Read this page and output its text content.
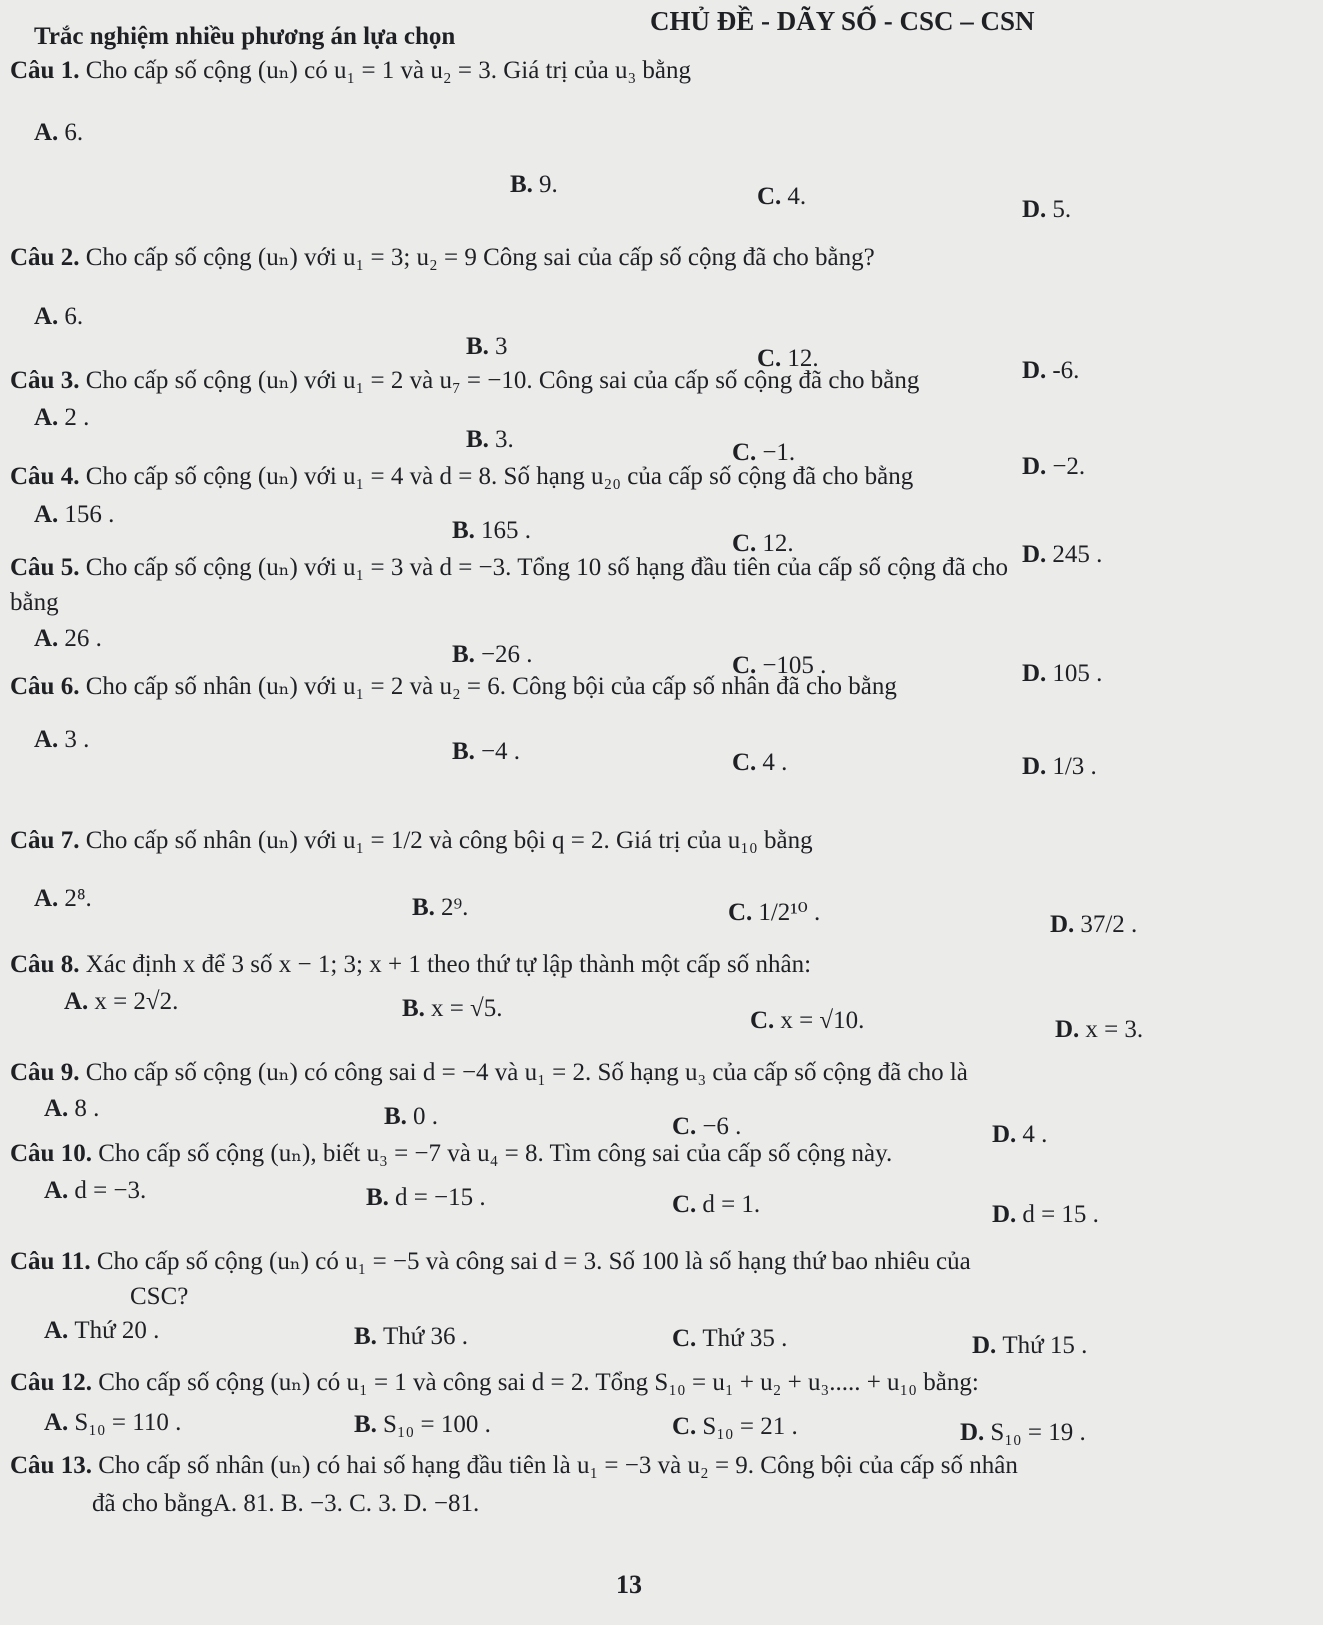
CHỦ ĐỀ - DÃY SỐ - CSC – CSN
Trắc nghiệm nhiều phương án lựa chọn
Câu 1. Cho cấp số cộng (uₙ) có u₁ = 1 và u₂ = 3. Giá trị của u₃ bằng
A. 6.
B. 9.	C. 4.	D. 5.
Câu 2. Cho cấp số cộng (uₙ) với u₁ = 3; u₂ = 9 Công sai của cấp số cộng đã cho bằng?
A. 6.
B. 3	C. 12.	D. -6.
Câu 3. Cho cấp số cộng (uₙ) với u₁ = 2 và u₇ = −10. Công sai của cấp số cộng đã cho bằng
A. 2 .
B. 3.	C. −1.
D. −2.
Câu 4. Cho cấp số cộng (uₙ) với u₁ = 4 và d = 8. Số hạng u₂₀ của cấp số cộng đã cho bằng
A. 156 .
B. 165 .	C. 12.	D. 245 .
Câu 5. Cho cấp số cộng (uₙ) với u₁ = 3 và d = −3. Tổng 10 số hạng đầu tiên của cấp số cộng đã cho
bằng
A. 26 .
B. −26 .	C. −105 .	D. 105 .
Câu 6. Cho cấp số nhân (uₙ) với u₁ = 2 và u₂ = 6. Công bội của cấp số nhân đã cho bằng
A. 3 .	B. −4 .	C. 4 .	D. 1/3 .
Câu 7. Cho cấp số nhân (uₙ) với u₁ = 1/2 và công bội q = 2. Giá trị của u₁₀ bằng
A. 2⁸.	B. 2⁹.	C. 1/2¹⁰ .	D. 37/2 .
Câu 8. Xác định x để 3 số x − 1; 3; x + 1 theo thứ tự lập thành một cấp số nhân:
A. x = 2√2.	B. x = √5.	C. x = √10.	D. x = 3.
Câu 9. Cho cấp số cộng (uₙ) có công sai d = −4 và u₁ = 2. Số hạng u₃ của cấp số cộng đã cho là
A. 8 .	B. 0 .	C. −6 .	D. 4 .
Câu 10. Cho cấp số cộng (uₙ), biết u₃ = −7 và u₄ = 8. Tìm công sai của cấp số cộng này.
A. d = −3.	B. d = −15 .	C. d = 1.	D. d = 15 .
Câu 11. Cho cấp số cộng (uₙ) có u₁ = −5 và công sai d = 3. Số 100 là số hạng thứ bao nhiêu của
CSC?
A. Thứ 20 .	B. Thứ 36 .	C. Thứ 35 .	D. Thứ 15 .
Câu 12. Cho cấp số cộng (uₙ) có u₁ = 1 và công sai d = 2. Tổng S₁₀ = u₁ + u₂ + u₃..... + u₁₀ bằng:
A. S₁₀ = 110 .	B. S₁₀ = 100 .	C. S₁₀ = 21 .	D. S₁₀ = 19 .
Câu 13. Cho cấp số nhân (uₙ) có hai số hạng đầu tiên là u₁ = −3 và u₂ = 9. Công bội của cấp số nhân
đã cho bằngA. 81. B. −3. C. 3. D. −81.
13
